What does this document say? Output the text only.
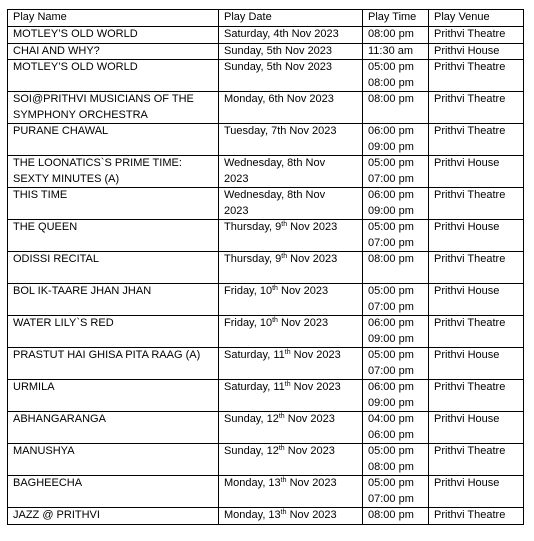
Play Name	Play Date	Play Time	Play Venue

MOTLEY’S OLD WORLD	Saturday, 4th Nov 2023	08:00 pm	Prithvi Theatre

CHAI AND WHY?	Sunday, 5th Nov 2023	11:30 am	Prithvi House

MOTLEY’S OLD WORLD	Sunday, 5th Nov 2023	05:00 pm
08:00 pm	Prithvi Theatre

SOI@PRITHVI MUSICIANS OF THE SYMPHONY ORCHESTRA	Monday, 6th Nov 2023	08:00 pm	Prithvi Theatre

PURANE CHAWAL	Tuesday, 7th Nov 2023	06:00 pm
09:00 pm	Prithvi Theatre

THE LOONATICS`S PRIME TIME: SEXTY MINUTES (A)	Wednesday, 8th Nov
2023	05:00 pm
07:00 pm	Prithvi House

THIS TIME	Wednesday, 8th Nov
2023	06:00 pm
09:00 pm	Prithvi Theatre

THE QUEEN	Thursday, 9th Nov 2023	05:00 pm
07:00 pm	Prithvi House

ODISSI RECITAL	Thursday, 9th Nov 2023	08:00 pm	Prithvi Theatre

BOL IK-TAARE JHAN JHAN	Friday, 10th Nov 2023	05:00 pm
07:00 pm	Prithvi House

WATER LILY`S RED	Friday, 10th Nov 2023	06:00 pm
09:00 pm	Prithvi Theatre

PRASTUT HAI GHISA PITA RAAG (A)	Saturday, 11th Nov 2023	05:00 pm
07:00 pm	Prithvi House

URMILA	Saturday, 11th Nov 2023	06:00 pm
09:00 pm	Prithvi Theatre

ABHANGARANGA	Sunday, 12th Nov 2023	04:00 pm
06:00 pm	Prithvi House

MANUSHYA	Sunday, 12th Nov 2023	05:00 pm
08:00 pm	Prithvi Theatre

BAGHEECHA	Monday, 13th Nov 2023	05:00 pm
07:00 pm	Prithvi House

JAZZ @ PRITHVI	Monday, 13th Nov 2023	08:00 pm	Prithvi Theatre
